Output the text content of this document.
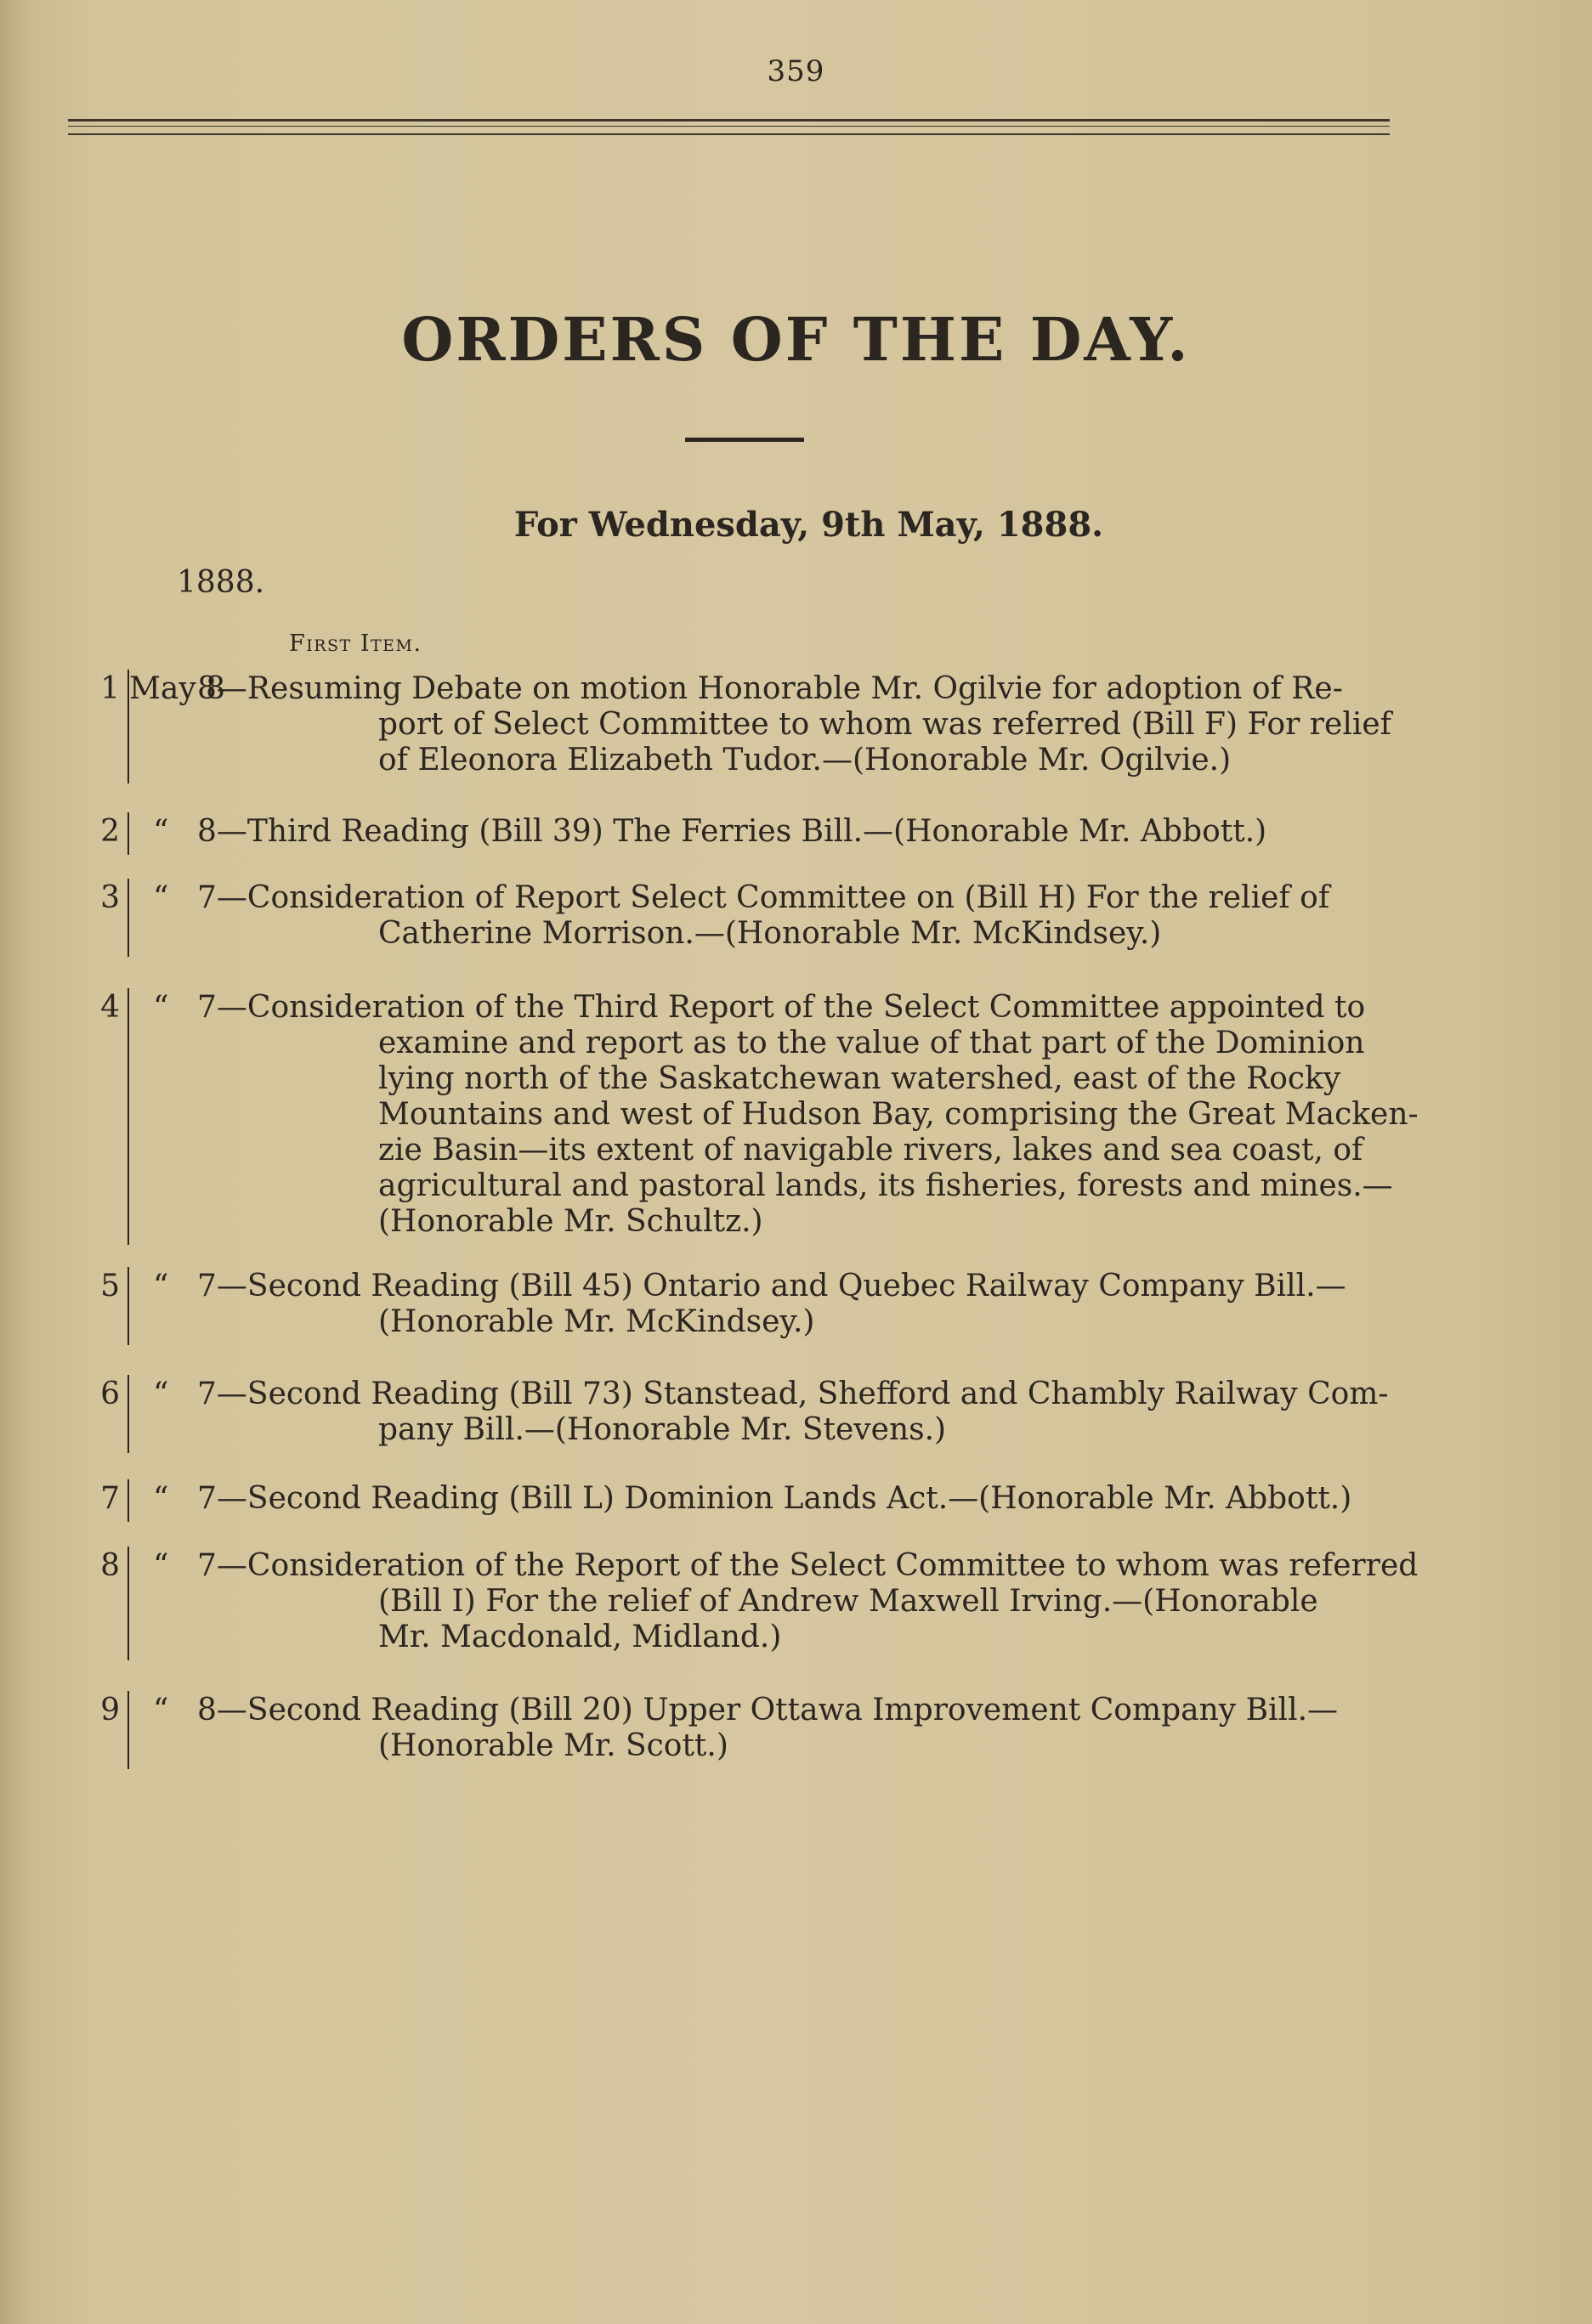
359
ORDERS OF THE DAY.
For Wednesday, 9th May, 1888.
1888.
First Item.
1 May 8
8—Resuming Debate on motion Honorable Mr. Ogilvie for adoption of Re-
port of Select Committee to whom was referred (Bill F) For relief
of Eleonora Elizabeth Tudor.—(Honorable Mr. Ogilvie.)
2 “ 8—Third Reading (Bill 39) The Ferries Bill.—(Honorable Mr. Abbott.)
3 “ 7—Consideration of Report Select Committee on (Bill H) For the relief of
Catherine Morrison.—(Honorable Mr. McKindsey.)
4 “ 7—Consideration of the Third Report of the Select Committee appointed to
examine and report as to the value of that part of the Dominion
lying north of the Saskatchewan watershed, east of the Rocky
Mountains and west of Hudson Bay, comprising the Great Macken-
zie Basin—its extent of navigable rivers, lakes and sea coast, of
agricultural and pastoral lands, its fisheries, forests and mines.—
(Honorable Mr. Schultz.)
5 “ 7—Second Reading (Bill 45) Ontario and Quebec Railway Company Bill.—
(Honorable Mr. McKindsey.)
6 “ 7—Second Reading (Bill 73) Stanstead, Shefford and Chambly Railway Com-
pany Bill.—(Honorable Mr. Stevens.)
7 “ 7—Second Reading (Bill L) Dominion Lands Act.—(Honorable Mr. Abbott.)
8 “ 7—Consideration of the Report of the Select Committee to whom was referred
(Bill I) For the relief of Andrew Maxwell Irving.—(Honorable
Mr. Macdonald, Midland.)
9 “ 8—Second Reading (Bill 20) Upper Ottawa Improvement Company Bill.—
(Honorable Mr. Scott.)
